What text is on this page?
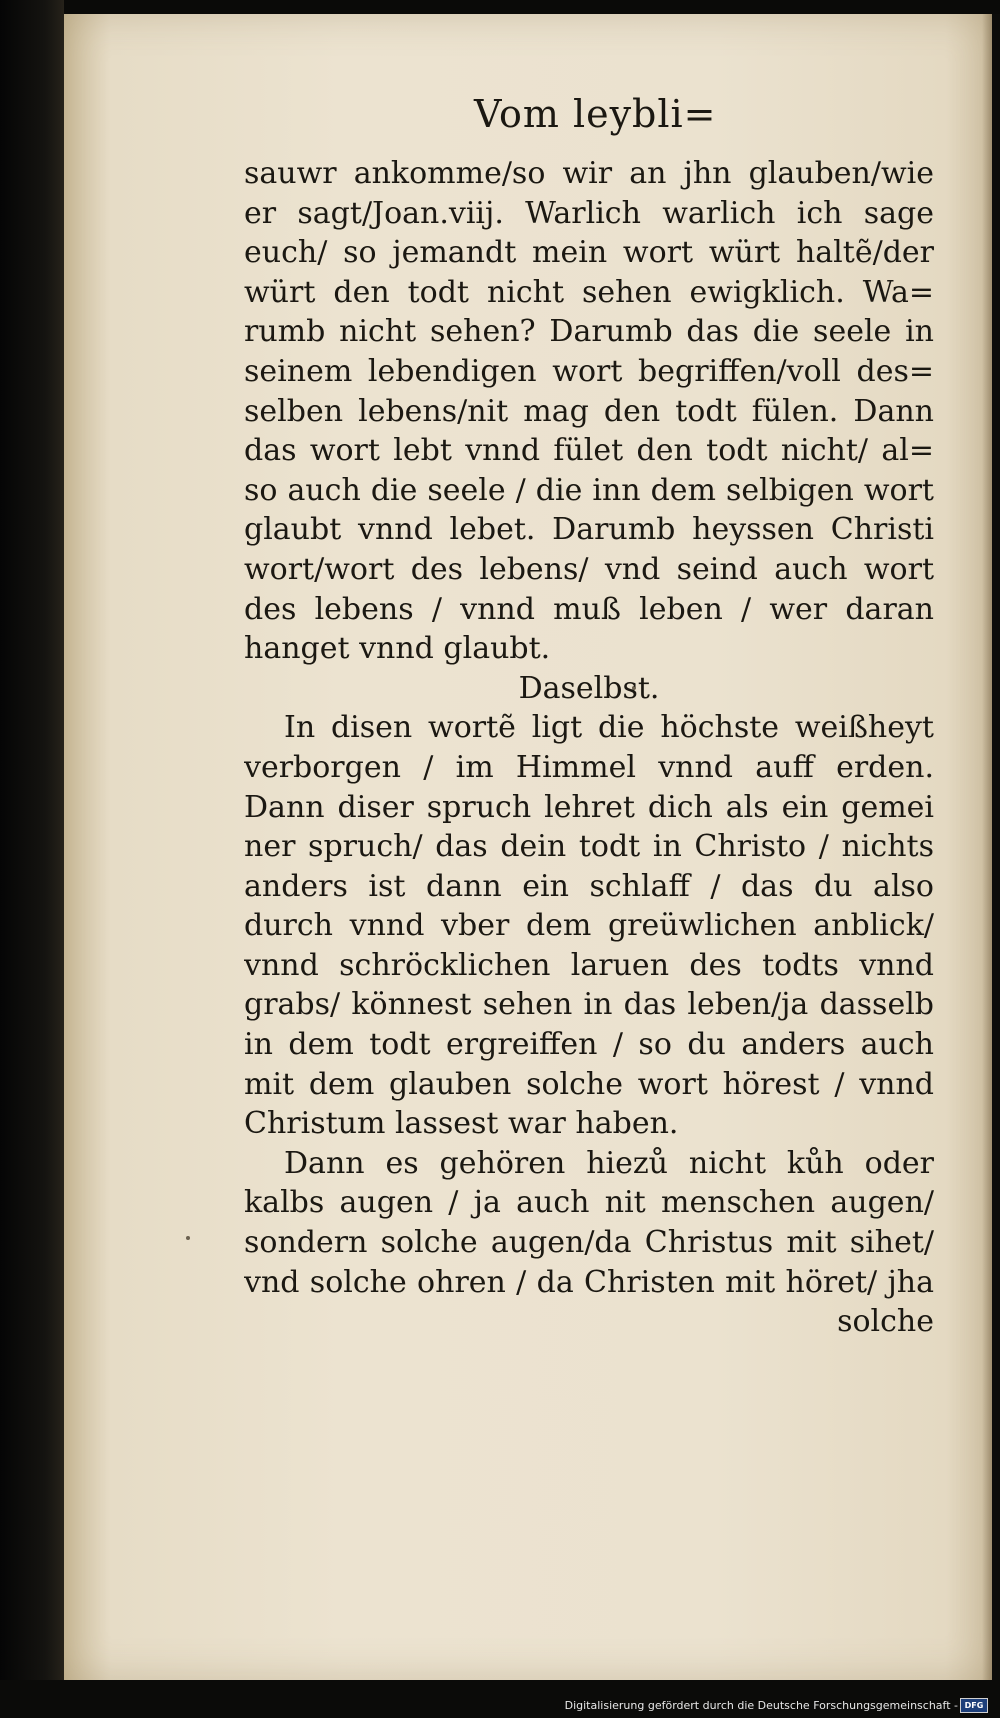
Vom leybli=
sauwr ankomme/so wir an jhn glauben/wie
er sagt/Joan.viij. Warlich warlich ich sage
euch/ so jemandt mein wort würt haltẽ/der
würt den todt nicht sehen ewigklich. Wa=
rumb nicht sehen? Darumb das die seele in
seinem lebendigen wort begriffen/voll des=
selben lebens/nit mag den todt fülen. Dann
das wort lebt vnnd fület den todt nicht/ al=
so auch die seele / die inn dem selbigen wort
glaubt vnnd lebet. Darumb heyssen Christi
wort/wort des lebens/ vnd seind auch wort
des lebens / vnnd muß leben / wer daran
hanget vnnd glaubt.
Daselbst.
In disen wortẽ ligt die höchste weißheyt
verborgen / im Himmel vnnd auff erden.
Dann diser spruch lehret dich als ein gemei
ner spruch/ das dein todt in Christo / nichts
anders ist dann ein schlaff / das du also
durch vnnd vber dem greüwlichen anblick/
vnnd schröcklichen laruen des todts vnnd
grabs/ könnest sehen in das leben/ja dasselb
in dem todt ergreiffen / so du anders auch
mit dem glauben solche wort hörest / vnnd
Christum lassest war haben.
Dann es gehören hiezů nicht kůh oder
kalbs augen / ja auch nit menschen augen/
sondern solche augen/da Christus mit sihet/
vnd solche ohren / da Christen mit höret/ jha
solche
Digitalisierung gefördert durch die Deutsche Forschungsgemeinschaft - DFG
